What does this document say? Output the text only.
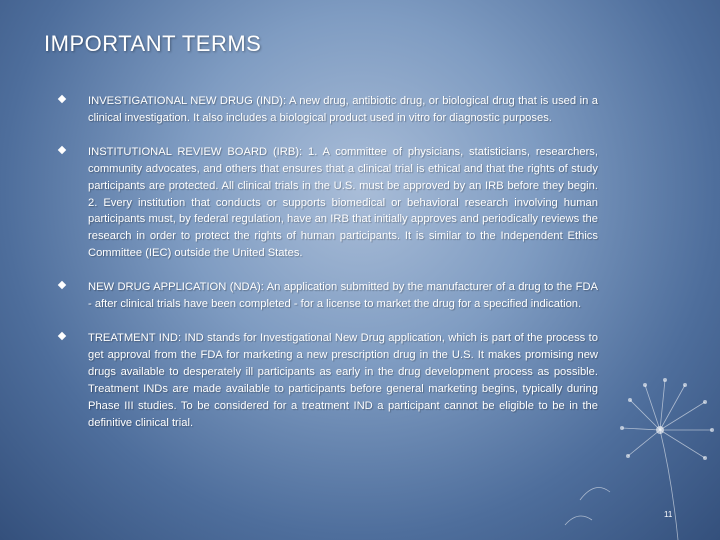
IMPORTANT TERMS
INVESTIGATIONAL NEW DRUG (IND): A new drug, antibiotic drug, or biological drug that is used in a clinical investigation. It also includes a biological product used in vitro for diagnostic purposes.
INSTITUTIONAL REVIEW BOARD (IRB): 1. A committee of physicians, statisticians, researchers, community advocates, and others that ensures that a clinical trial is ethical and that the rights of study participants are protected. All clinical trials in the U.S. must be approved by an IRB before they begin. 2. Every institution that conducts or supports biomedical or behavioral research involving human participants must, by federal regulation, have an IRB that initially approves and periodically reviews the research in order to protect the rights of human participants. It is similar to the Independent Ethics Committee (IEC) outside the United States.
NEW DRUG APPLICATION (NDA): An application submitted by the manufacturer of a drug to the FDA - after clinical trials have been completed - for a license to market the drug for a specified indication.
TREATMENT IND: IND stands for Investigational New Drug application, which is part of the process to get approval from the FDA for marketing a new prescription drug in the U.S. It makes promising new drugs available to desperately ill participants as early in the drug development process as possible. Treatment INDs are made available to participants before general marketing begins, typically during Phase III studies. To be considered for a treatment IND a participant cannot be eligible to be in the definitive clinical trial.
11
